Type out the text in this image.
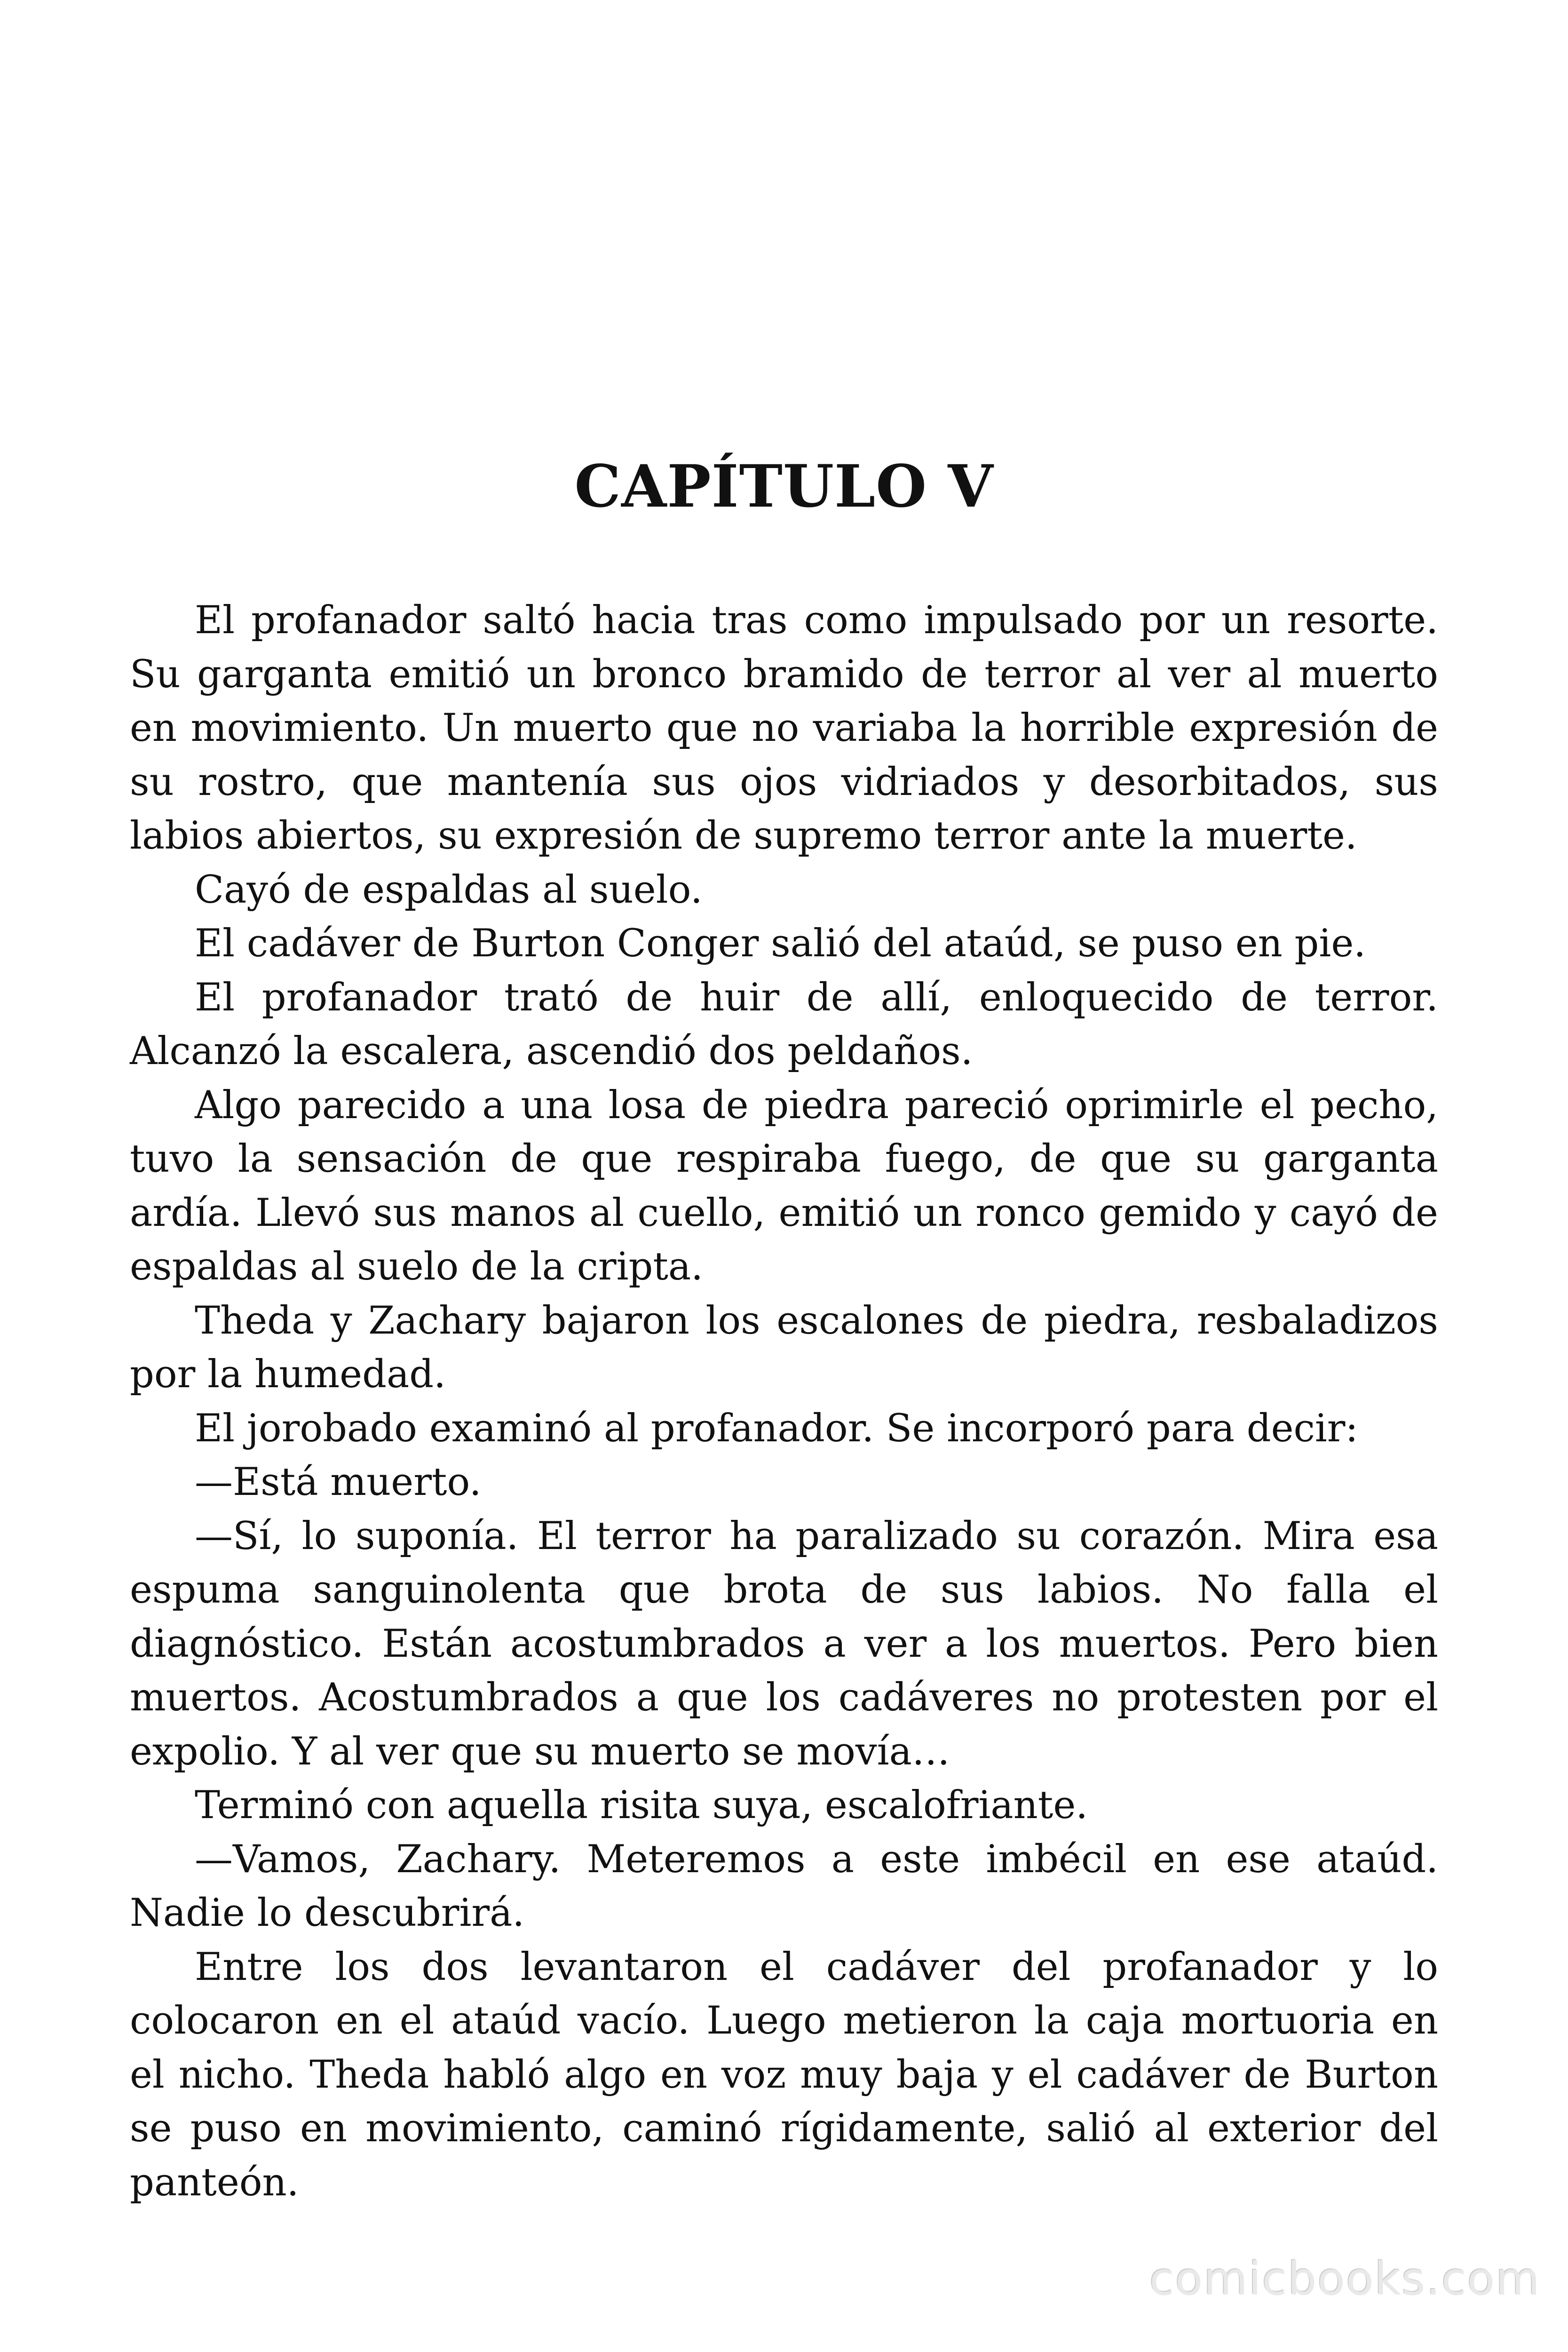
CAPÍTULO V

El profanador saltó hacia tras como impulsado por un resorte. Su garganta emitió un bronco bramido de terror al ver al muerto en movimiento. Un muerto que no variaba la horrible expresión de su rostro, que mantenía sus ojos vidriados y desorbitados, sus labios abiertos, su expresión de supremo terror ante la muerte.

Cayó de espaldas al suelo.

El cadáver de Burton Conger salió del ataúd, se puso en pie.

El profanador trató de huir de allí, enloquecido de terror. Alcanzó la escalera, ascendió dos peldaños.

Algo parecido a una losa de piedra pareció oprimirle el pecho, tuvo la sensación de que respiraba fuego, de que su garganta ardía. Llevó sus manos al cuello, emitió un ronco gemido y cayó de espaldas al suelo de la cripta.

Theda y Zachary bajaron los escalones de piedra, resbaladizos por la humedad.

El jorobado examinó al profanador. Se incorporó para decir:

—Está muerto.

—Sí, lo suponía. El terror ha paralizado su corazón. Mira esa espuma sanguinolenta que brota de sus labios. No falla el diagnóstico. Están acostumbrados a ver a los muertos. Pero bien muertos. Acostumbrados a que los cadáveres no protesten por el expolio. Y al ver que su muerto se movía…

Terminó con aquella risita suya, escalofriante.

—Vamos, Zachary. Meteremos a este imbécil en ese ataúd. Nadie lo descubrirá.

Entre los dos levantaron el cadáver del profanador y lo colocaron en el ataúd vacío. Luego metieron la caja mortuoria en el nicho. Theda habló algo en voz muy baja y el cadáver de Burton se puso en movimiento, caminó rígidamente, salió al exterior del panteón.

comicbooks.com
